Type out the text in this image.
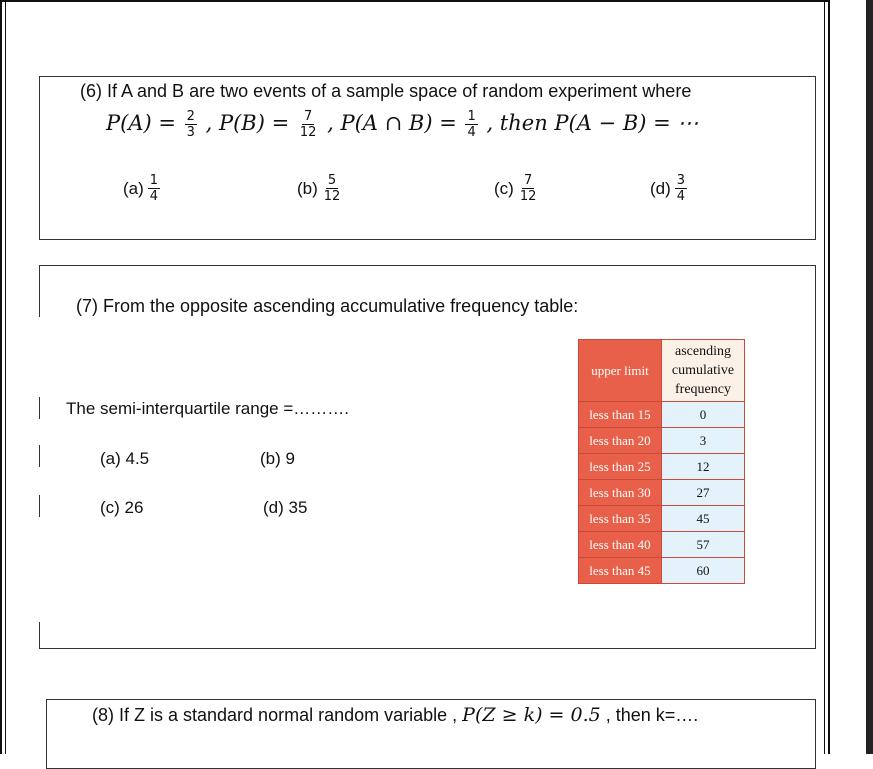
(6) If A and B are two events of a sample space of random experiment where
$P(A) = \frac{2}{3}$ , $P(B) = \frac{7}{12}$ , P(A ∩ $B) = \frac{1}{4}$ , then P(A − B) = ⋯
$(a) \frac{1}{4}$	$(b) \frac{5}{12}$	$(c) \frac{7}{12}$	$(d) \frac{3}{4}$
(7) From the opposite ascending accumulative frequency table:
The semi-interquartile range =……….
(a) 4.5	(b) 9
(c) 26	(d) 35
upper limit	ascending
cumulative
frequency

less than 15	0
less than 20	3
less than 25	12
less than 30	27
less than 35	45
less than 40	57
less than 45	60
(8) If Z is a standard normal random variable , P(Z ≥ k) = 0.5 , then k=….
